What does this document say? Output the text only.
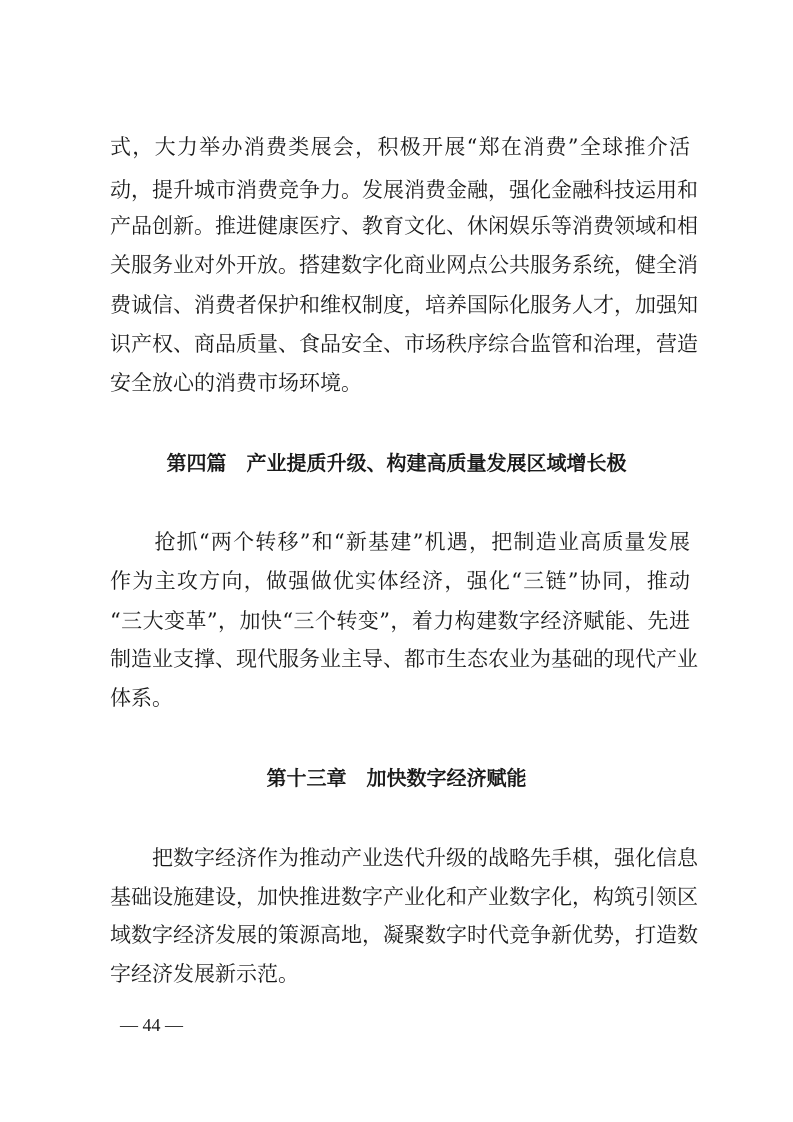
式，大力举办消费类展会，积极开展“郑在消费”全球推介活
动，提升城市消费竞争力。发展消费金融，强化金融科技运用和
产品创新。推进健康医疗、教育文化、休闲娱乐等消费领域和相
关服务业对外开放。搭建数字化商业网点公共服务系统，健全消
费诚信、消费者保护和维权制度，培养国际化服务人才，加强知
识产权、商品质量、食品安全、市场秩序综合监管和治理，营造
安全放心的消费市场环境。
第四篇　产业提质升级、构建高质量发展区域增长极
　　抢抓“两个转移”和“新基建”机遇，把制造业高质量发展
作为主攻方向，做强做优实体经济，强化“三链”协同，推动
“三大变革”，加快“三个转变”，着力构建数字经济赋能、先进
制造业支撑、现代服务业主导、都市生态农业为基础的现代产业
体系。
第十三章　加快数字经济赋能
　　把数字经济作为推动产业迭代升级的战略先手棋，强化信息
基础设施建设，加快推进数字产业化和产业数字化，构筑引领区
域数字经济发展的策源高地，凝聚数字时代竞争新优势，打造数
字经济发展新示范。
— 44 —
